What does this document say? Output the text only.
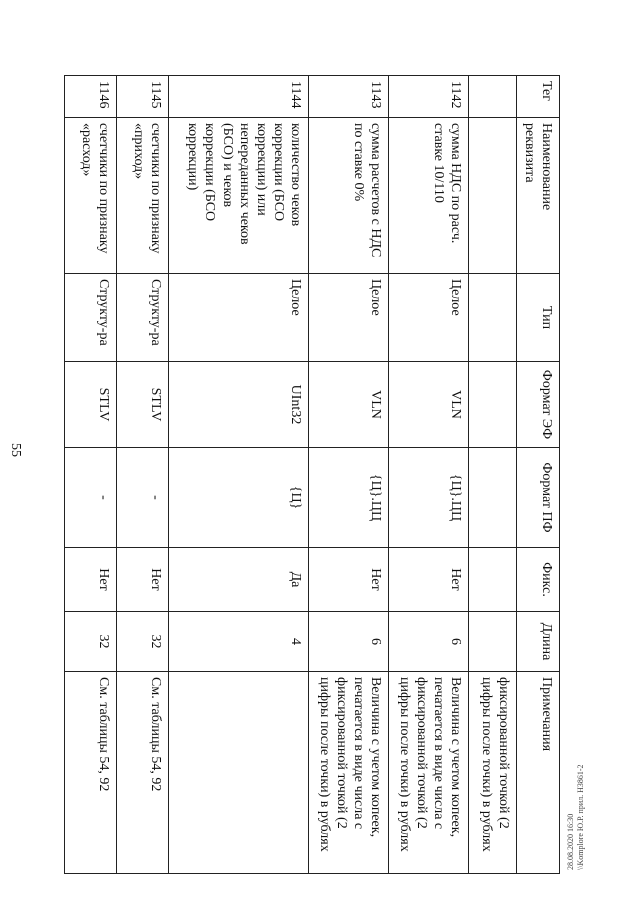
55
Тег	Наименование реквизита	Тип	Формат ЭФ	Формат ПФ	Фикс.	Длина	Примечания
							фиксированной точкой (2 цифры после точки) в рублях
1142	сумма НДС по расч. ставке 10/110	Целое	VLN	{Ц}.ЦЦ	Нет	6	Величина с учетом копеек, печатается в виде числа с фиксированной точкой (2 цифры после точки) в рублях
1143	сумма расчетов с НДС по ставке 0%	Целое	VLN	{Ц}.ЦЦ	Нет	6	Величина с учетом копеек, печатается в виде числа с фиксированной точкой (2 цифры после точки) в рублях
1144	количество чеков коррекции (БСО коррекции) или непереданных чеков (БСО) и чеков коррекции (БСО коррекции)	Целое	UInt32	{Ц}	Да	4	
1145	счетчики по признаку «приход»	Структу-ра	STLV	-	Нет	32	См. таблицы 54, 92
1146	счетчики по признаку «расход»	Структу-ра	STLV	-	Нет	32	См. таблицы 54, 92
28.08.2020 16:30 \\Komplore Ю.Р. прил. НЗ861-2
